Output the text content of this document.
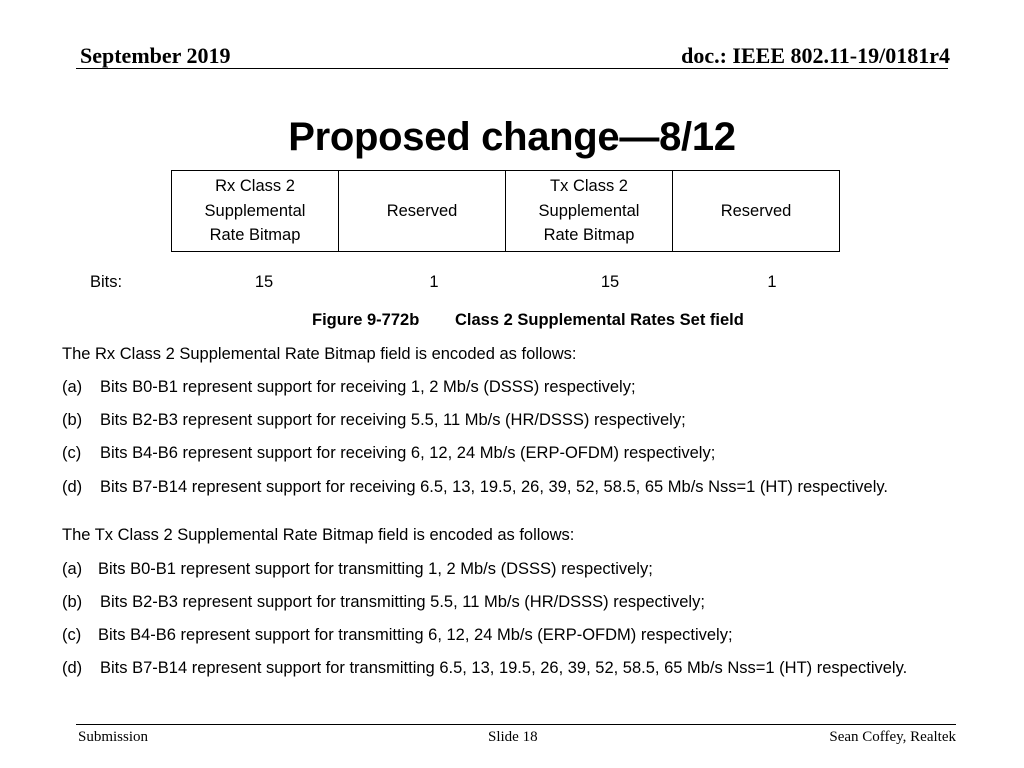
September 2019	doc.: IEEE 802.11-19/0181r4
Proposed change—8/12
Rx Class 2
Supplemental
Rate Bitmap	Reserved	Tx Class 2
Supplemental
Rate Bitmap	Reserved
Bits:	15	1	15	1
Figure 9-772b Class 2 Supplemental Rates Set field
The Rx Class 2 Supplemental Rate Bitmap field is encoded as follows:
(a) Bits B0-B1 represent support for receiving 1, 2 Mb/s (DSSS) respectively;
(b) Bits B2-B3 represent support for receiving 5.5, 11 Mb/s (HR/DSSS) respectively;
(c) Bits B4-B6 represent support for receiving 6, 12, 24 Mb/s (ERP-OFDM) respectively;
(d) Bits B7-B14 represent support for receiving 6.5, 13, 19.5, 26, 39, 52, 58.5, 65 Mb/s Nss=1 (HT) respectively.
The Tx Class 2 Supplemental Rate Bitmap field is encoded as follows:
(a) Bits B0-B1 represent support for transmitting 1, 2 Mb/s (DSSS) respectively;
(b) Bits B2-B3 represent support for transmitting 5.5, 11 Mb/s (HR/DSSS) respectively;
(c) Bits B4-B6 represent support for transmitting 6, 12, 24 Mb/s (ERP-OFDM) respectively;
(d) Bits B7-B14 represent support for transmitting 6.5, 13, 19.5, 26, 39, 52, 58.5, 65 Mb/s Nss=1 (HT) respectively.
Submission	Slide 18	Sean Coffey, Realtek
